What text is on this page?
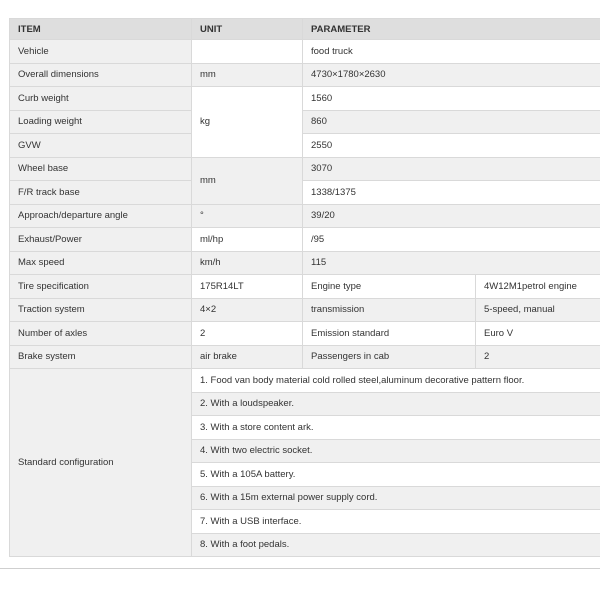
ITEM	UNIT	PARAMETER	
Vehicle		food truck	
Overall dimensions	mm	4730×1780×2630	
Curb weight	kg	1560	
Loading weight		860	
GVW		2550	
Wheel base	mm	3070	
F/R track base		1338/1375	
Approach/departure angle	°	39/20	
Exhaust/Power	ml/hp	/95	
Max speed	km/h	115	
Tire specification	175R14LT	Engine type	4W12M1petrol engine
Traction system	4×2	transmission	5-speed, manual
Number of axles	2	Emission standard	Euro V
Brake system	air brake	Passengers in cab	2
Standard configuration	1. Food van body material cold rolled steel,aluminum decorative pattern floor.		
	2. With a loudspeaker.		
	3. With a store content ark.		
	4. With two electric socket.		
	5. With a 105A battery.		
	6. With a 15m external power supply cord.		
	7. With a USB interface.		
	8. With a foot pedals.		
